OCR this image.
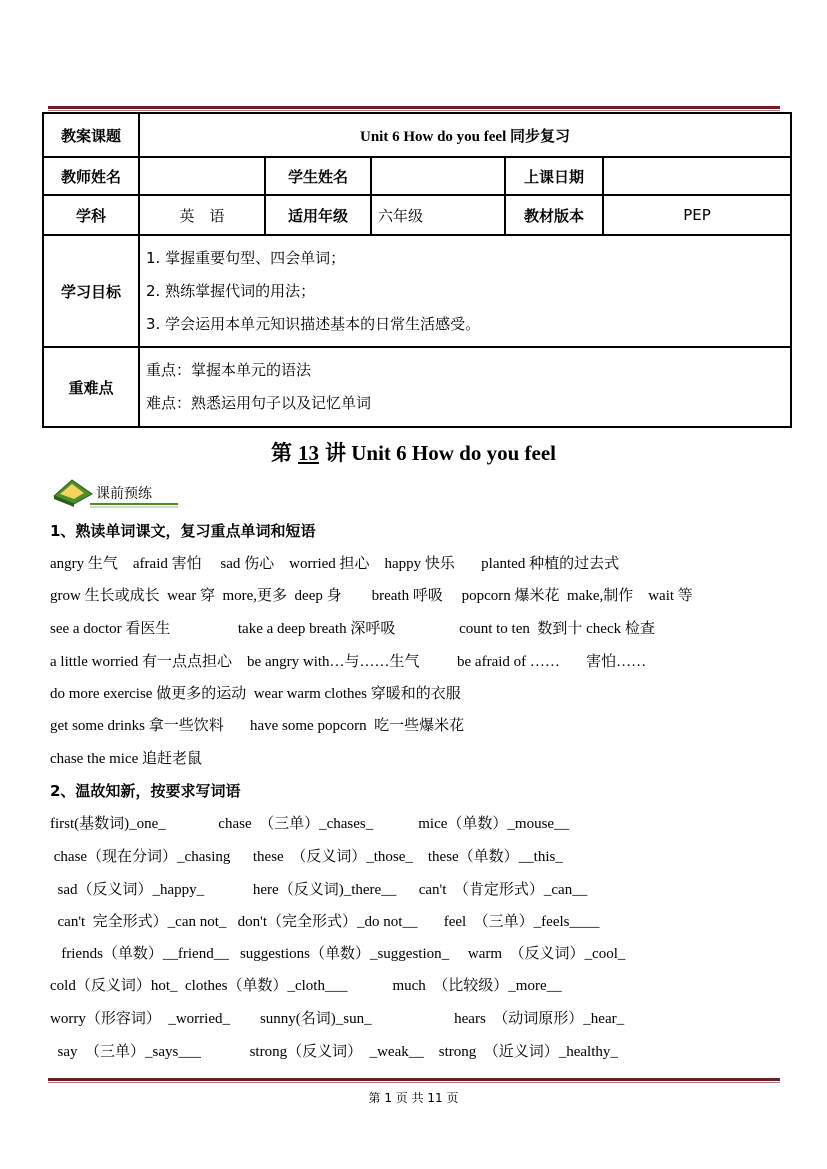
教案课题	Unit 6 How do you feel 同步复习				
教师姓名		学生姓名		上课日期	
学科	英　语	适用年级	六年级	教材版本	PEP
学习目标	1. 掌握重要句型、四会单词；
2. 熟练掌握代词的用法；
3. 学会运用本单元知识描述基本的日常生活感受。				

重难点	重点：掌握本单元的语法
难点：熟悉运用句子以及记忆单词				
第 13 讲 Unit 6 How do you feel
课前预练
1、熟读单词课文，复习重点单词和短语
angry 生气    afraid 害怕     sad 伤心    worried 担心    happy 快乐       planted 种植的过去式
grow 生长或成长  wear 穿  more,更多  deep 身        breath 呼吸     popcorn 爆米花  make,制作    wait 等
see a doctor 看医生                  take a deep breath 深呼吸                 count to ten  数到十 check 检查
a little worried 有一点点担心    be angry with…与……生气          be afraid of ……       害怕……
do more exercise 做更多的运动  wear warm clothes 穿暖和的衣服
get some drinks 拿一些饮料       have some popcorn  吃一些爆米花
chase the mice 追赶老鼠
2、温故知新，按要求写词语
first(基数词)_one_              chase  （三单）_chases_            mice（单数）_mouse__
chase（现在分词）_chasing      these  （反义词）_those_    these（单数）__this_
sad（反义词）_happy_             here（反义词)_there__      can't  （肯定形式）_can__
can't  完全形式）_can not_   don't（完全形式）_do not__       feel  （三单）_feels____
friends（单数）__friend__   suggestions（单数）_suggestion_     warm  （反义词）_cool_
cold（反义词）hot_  clothes（单数）_cloth___            much  （比较级）_more__
worry（形容词）  _worried_        sunny(名词)_sun_                      hears  （动词原形）_hear_
say  （三单）_says___             strong（反义词）  _weak__    strong  （近义词）_healthy_
第 1 页 共 11 页
